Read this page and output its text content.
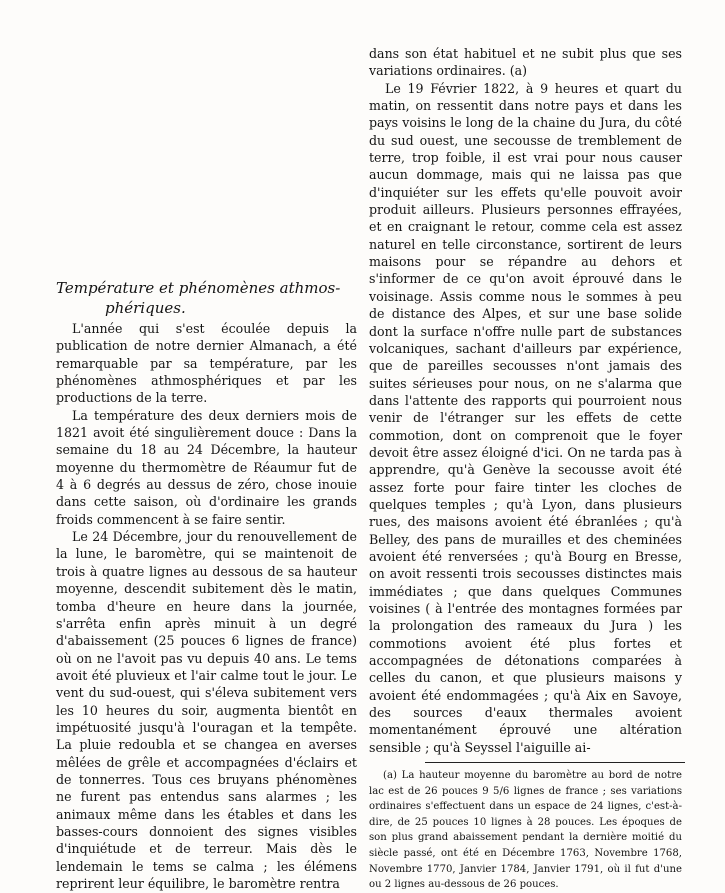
Température et phénomènes athmos-
phériques.

L'année qui s'est écoulée depuis la publication de notre dernier Almanach, a été remarquable par sa température, par les phénomènes athmosphériques et par les productions de la terre.

La température des deux derniers mois de 1821 avoit été singulièrement douce : Dans la semaine du 18 au 24 Décembre, la hauteur moyenne du thermomètre de Réaumur fut de 4 à 6 degrés au dessus de zéro, chose inouie dans cette saison, où d'ordinaire les grands froids commencent à se faire sentir.

Le 24 Décembre, jour du renouvellement de la lune, le baromètre, qui se maintenoit de trois à quatre lignes au dessous de sa hauteur moyenne, descendit subitement dès le matin, tomba d'heure en heure dans la journée, s'arrêta enfin après minuit à un degré d'abaissement (25 pouces 6 lignes de france) où on ne l'avoit pas vu depuis 40 ans. Le tems avoit été pluvieux et l'air calme tout le jour. Le vent du sud-ouest, qui s'éleva subitement vers les 10 heures du soir, augmenta bientôt en impétuosité jusqu'à l'ouragan et la tempête. La pluie redoubla et se changea en averses mêlées de grêle et accompagnées d'éclairs et de tonnerres. Tous ces bruyans phénomènes ne furent pas entendus sans alarmes ; les animaux même dans les étables et dans les basses-cours donnoient des signes visibles d'inquiétude et de terreur. Mais dès le lendemain le tems se calma ; les élémens reprirent leur équilibre, le baromètre rentra

dans son état habituel et ne subit plus que ses variations ordinaires. (a)

Le 19 Février 1822, à 9 heures et quart du matin, on ressentit dans notre pays et dans les pays voisins le long de la chaine du Jura, du côté du sud ouest, une secousse de tremblement de terre, trop foible, il est vrai pour nous causer aucun dommage, mais qui ne laissa pas que d'inquiéter sur les effets qu'elle pouvoit avoir produit ailleurs. Plusieurs personnes effrayées, et en craignant le retour, comme cela est assez naturel en telle circonstance, sortirent de leurs maisons pour se répandre au dehors et s'informer de ce qu'on avoit éprouvé dans le voisinage. Assis comme nous le sommes à peu de distance des Alpes, et sur une base solide dont la surface n'offre nulle part de substances volcaniques, sachant d'ailleurs par expérience, que de pareilles secousses n'ont jamais des suites sérieuses pour nous, on ne s'alarma que dans l'attente des rapports qui pourroient nous venir de l'étranger sur les effets de cette commotion, dont on comprenoit que le foyer devoit être assez éloigné d'ici. On ne tarda pas à apprendre, qu'à Genève la secousse avoit été assez forte pour faire tinter les cloches de quelques temples ; qu'à Lyon, dans plusieurs rues, des maisons avoient été ébranlées ; qu'à Belley, des pans de murailles et des cheminées avoient été renversées ; qu'à Bourg en Bresse, on avoit ressenti trois secousses distinctes mais immédiates ; que dans quelques Communes voisines ( à l'entrée des montagnes formées par la prolongation des rameaux du Jura ) les commotions avoient été plus fortes et accompagnées de détonations comparées à celles du canon, et que plusieurs maisons y avoient été endommagées ; qu'à Aix en Savoye, des sources d'eaux thermales avoient momentanément éprouvé une altération sensible ; qu'à Seyssel l'aiguille ai-

(a) La hauteur moyenne du baromètre au bord de notre lac est de 26 pouces 9 5/6 lignes de france ; ses variations ordinaires s'effectuent dans un espace de 24 lignes, c'est-à-dire, de 25 pouces 10 lignes à 28 pouces. Les époques de son plus grand abaissement pendant la dernière moitié du siècle passé, ont été en Décembre 1763, Novembre 1768, Novembre 1770, Janvier 1784, Janvier 1791, où il fut d'une ou 2 lignes au-dessous de 26 pouces.
